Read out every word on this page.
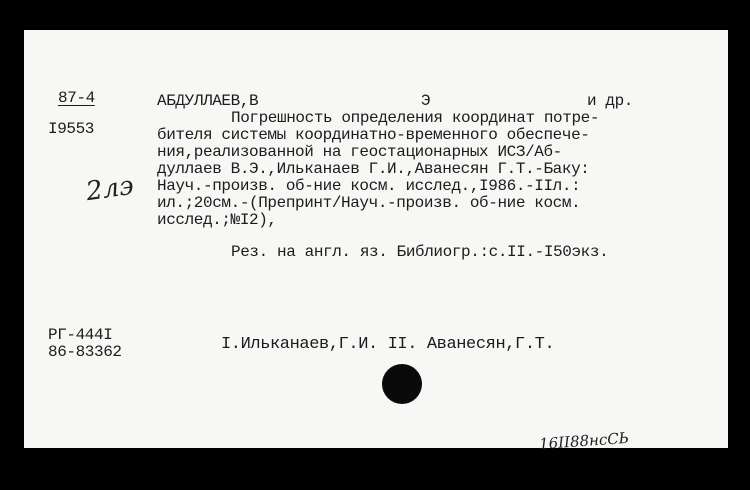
87-4
I9553
АБДУЛЛАЕВ,В	Э	и др.
Погрешность определения координат потре-
бителя системы координатно-временного обеспече-
ния,реализованной на геостационарных ИСЗ/Аб-
дуллаев В.Э.,Ильканаев Г.И.,Аванесян Г.Т.-Баку:
Науч.-произв. об-ние косм. исслед.,I986.-IIл.:
ил.;20см.-(Препринт/Науч.-произв. об-ние косм.
исслед.;№I2),
Рез. на англ. яз. Библиогр.:с.II.-I50экз.
2лэ
РГ-444I
86-83362	I.Ильканаев,Г.И. II. Аванесян,Г.Т.
16II88нсСЬ
